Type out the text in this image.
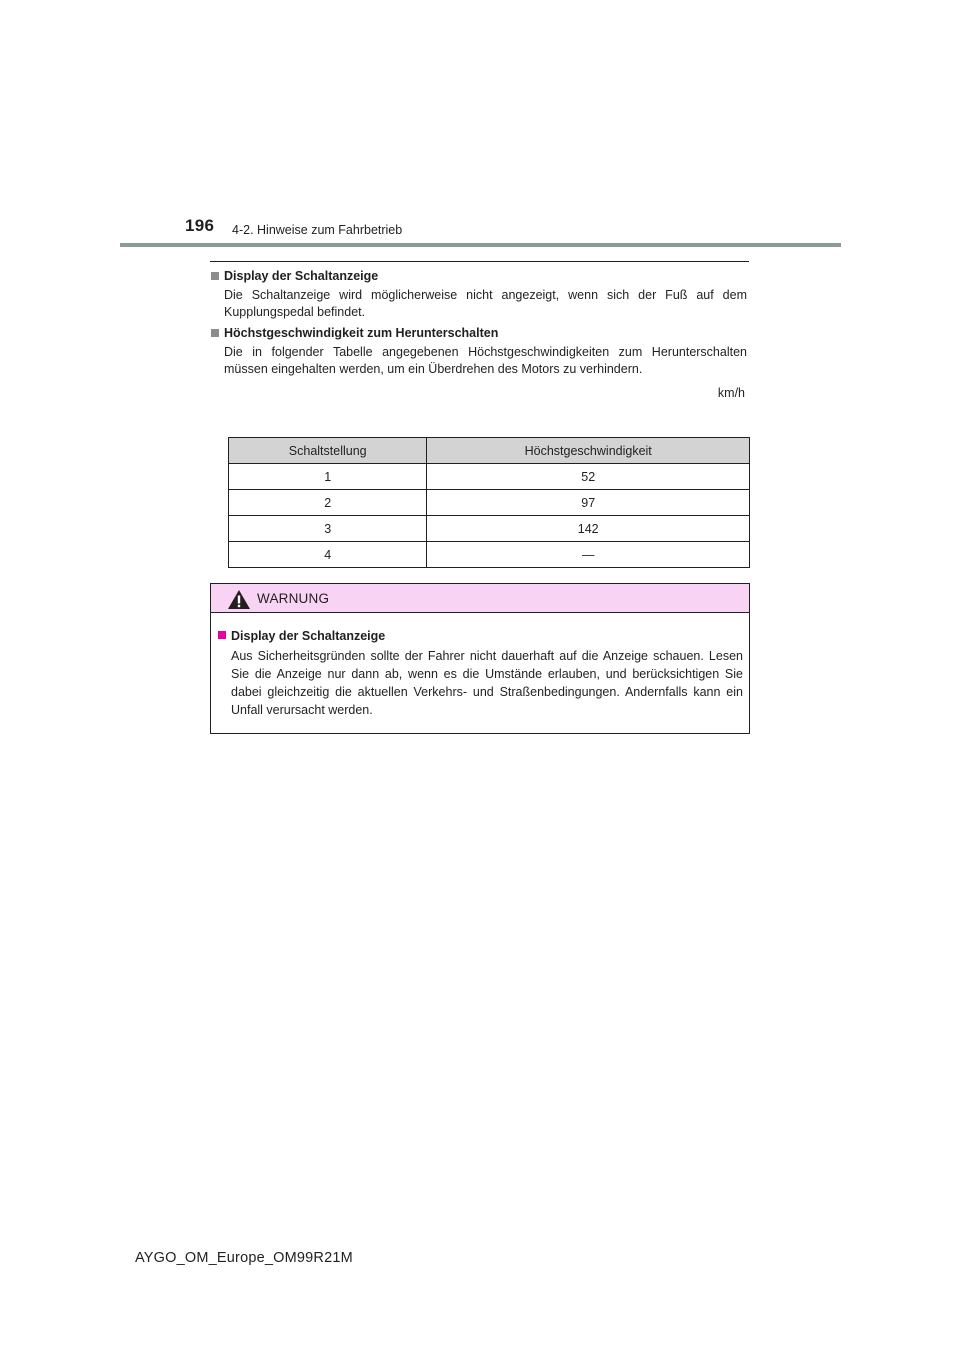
196 4-2. Hinweise zum Fahrbetrieb
Display der Schaltanzeige
Die Schaltanzeige wird möglicherweise nicht angezeigt, wenn sich der Fuß auf dem Kupplungspedal befindet.
Höchstgeschwindigkeit zum Herunterschalten
Die in folgender Tabelle angegebenen Höchstgeschwindigkeiten zum Herunterschalten müssen eingehalten werden, um ein Überdrehen des Motors zu verhindern.
km/h
Schaltstellung	Höchstgeschwindigkeit
1	52
2	97
3	142
4	—
WARNUNG
Display der Schaltanzeige
Aus Sicherheitsgründen sollte der Fahrer nicht dauerhaft auf die Anzeige schauen. Lesen Sie die Anzeige nur dann ab, wenn es die Umstände erlauben, und berücksichtigen Sie dabei gleichzeitig die aktuellen Verkehrs- und Straßenbedingungen. Andernfalls kann ein Unfall verursacht werden.
AYGO_OM_Europe_OM99R21M
